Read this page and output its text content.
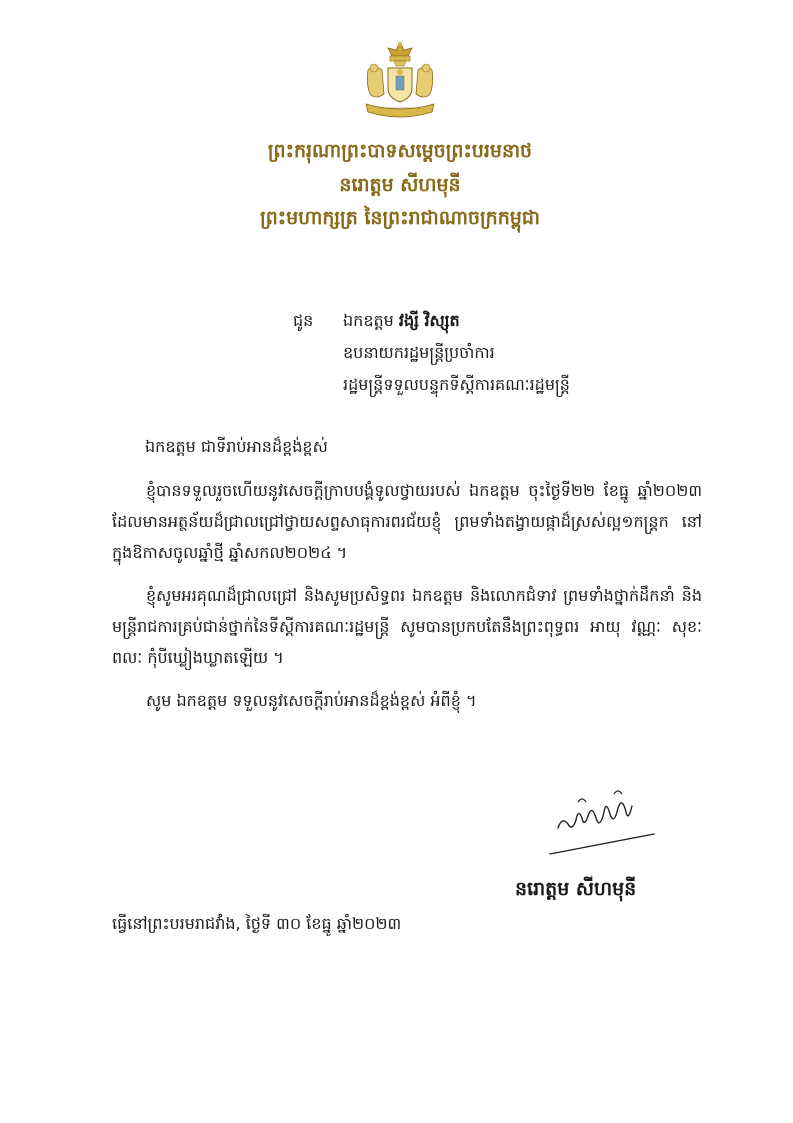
ព្រះករុណាព្រះបាទសម្តេចព្រះបរមនាថ
នរោត្តម សីហមុនី
ព្រះមហាក្សត្រ នៃព្រះរាជាណាចក្រកម្ពុជា
ជូន ឯកឧត្តម វង្សី វិស្សុត
ឧបនាយករដ្ឋមន្ត្រីប្រចាំការ
រដ្ឋមន្ត្រីទទួលបន្ទុកទីស្តីការគណៈរដ្ឋមន្ត្រី
ឯកឧត្តម ជាទីរាប់អានដ៏ខ្ពង់ខ្ពស់

ខ្ញុំបានទទួលរួចហើយនូវសេចក្តីក្រាបបង្គំទូលថ្វាយរបស់ ឯកឧត្តម ចុះថ្ងៃទី២២ ខែធ្នូ ឆ្នាំ២០២៣ ដែលមានអត្ថន័យដ៏ជ្រាលជ្រៅថ្វាយសព្ទសាធុការពរជ័យខ្ញុំ ព្រមទាំងតង្វាយផ្កាដ៏ស្រស់ល្អ១កន្ត្រក នៅក្នុងឱកាសចូលឆ្នាំថ្មី ឆ្នាំសកល២០២៤ ។

ខ្ញុំសូមអរគុណដ៏ជ្រាលជ្រៅ និងសូមប្រសិទ្ធពរ ឯកឧត្តម និងលោកជំទាវ ព្រមទាំងថ្នាក់ដឹកនាំ និងមន្ត្រីរាជការគ្រប់ជាន់ថ្នាក់នៃទីស្តីការគណៈរដ្ឋមន្ត្រី សូមបានប្រកបតែនឹងព្រះពុទ្ធពរ អាយុ វណ្ណៈ សុខៈ ពលៈ កុំបីឃ្លៀងឃ្លាតឡើយ ។

សូម ឯកឧត្តម ទទួលនូវសេចក្តីរាប់អានដ៏ខ្ពង់ខ្ពស់ អំពីខ្ញុំ ។

នរោត្តម សីហមុនី
ធ្វើនៅព្រះបរមរាជវាំង, ថ្ងៃទី ៣០ ខែធ្នូ ឆ្នាំ២០២៣
